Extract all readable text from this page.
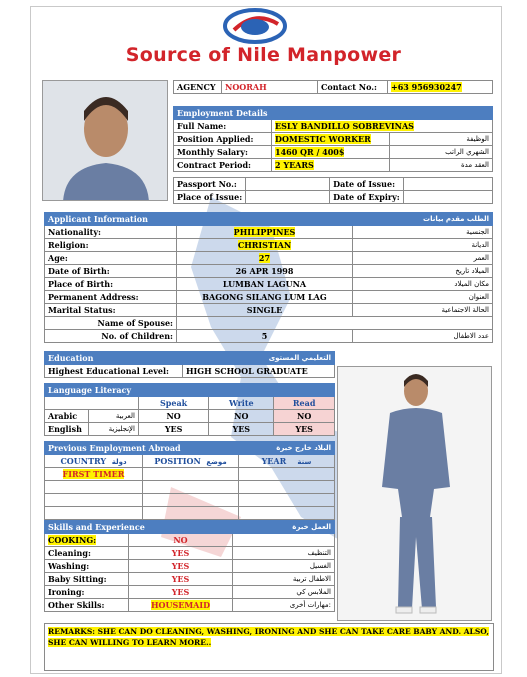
Source of Nile Manpower
AGENCY	NOORAH	Contact No.:	+63 956930247
Employment Details		
Full Name:	ESLY BANDILLO SOBREVINAS	
Position Applied:	DOMESTIC WORKER	الوظيفة
Monthly Salary:	1460 QR / 400$	الشهري الراتب
Contract Period:	2 YEARS	العقد مدة
Passport No.:		Date of Issue:	
Place of Issue:		Date of Expiry:	
Applicant Information		الطلب مقدم بيانات
Nationality:	PHILIPPINES	الجنسية
Religion:	CHRISTIAN	الديانة
Age:	27	العمر
Date of Birth:	26 APR 1998	الميلاد تاريخ
Place of Birth:	LUMBAN LAGUNA	مكان الميلاد
Permanent Address:	BAGONG SILANG LUM LAG	العنوان
Marital Status:	SINGLE	الحالة الاجتماعية
Name of Spouse:		
No. of Children:	5	عدد الاطفال
Education	التعليمي المستوى
Highest Educational Level:	HIGH SCHOOL GRADUATE
Language Literacy				
		Speak	Write	Read
Arabic	العربية	NO	NO	NO
English	الإنجليزية	YES	YES	YES
Previous Employment Abroad		البلاد خارج خبرة
COUNTRY دولة	POSITION موضع	YEAR سنة
FIRST TIMER		

Skills and Experience		العمل خبرة
COOKING:	NO	
Cleaning:	YES	التنظيف
Washing:	YES	الغسيل
Baby Sitting:	YES	الاطفال تربية
Ironing:	YES	الملابس كي
Other Skills:	HOUSEMAID	مهارات أخرى:
REMARKS: SHE CAN DO CLEANING, WASHING, IRONING AND SHE CAN TAKE CARE BABY AND. ALSO, SHE CAN WILLING TO LEARN MORE..
